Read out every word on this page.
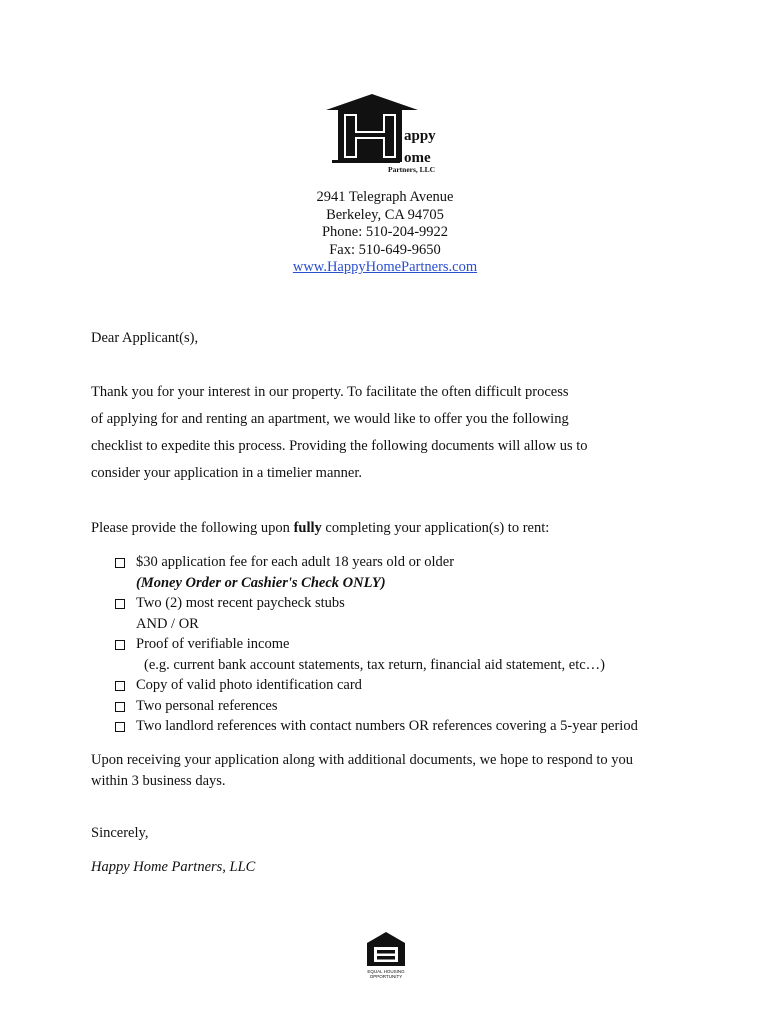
appy
ome
Partners, LLC
2941 Telegraph Avenue
Berkeley, CA 94705
Phone: 510-204-9922
Fax: 510-649-9650
www.HappyHomePartners.com
Dear Applicant(s),
Thank you for your interest in our property. To facilitate the often difficult process
of applying for and renting an apartment, we would like to offer you the following
checklist to expedite this process. Providing the following documents will allow us to
consider your application in a timelier manner.
Please provide the following upon fully completing your application(s) to rent:
$30 application fee for each adult 18 years old or older
(Money Order or Cashier's Check ONLY)
Two (2) most recent paycheck stubs
AND / OR
Proof of verifiable income
(e.g. current bank account statements, tax return, financial aid statement, etc…)
Copy of valid photo identification card
Two personal references
Two landlord references with contact numbers OR references covering a 5-year period
Upon receiving your application along with additional documents, we hope to respond to you
within 3 business days.
Sincerely,
Happy Home Partners, LLC
EQUAL HOUSING
OPPORTUNITY
